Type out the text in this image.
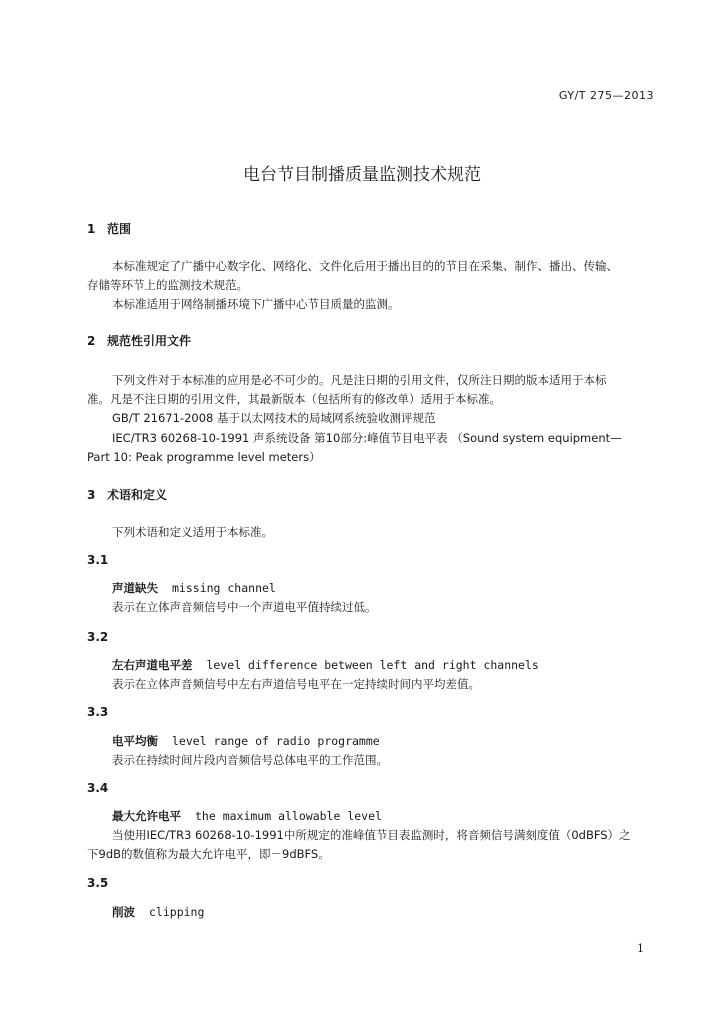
GY/T 275—2013
电台节目制播质量监测技术规范
1 范围
本标准规定了广播中心数字化、网络化、文件化后用于播出目的的节目在采集、制作、播出、传输、
存储等环节上的监测技术规范。
本标准适用于网络制播环境下广播中心节目质量的监测。
2 规范性引用文件
下列文件对于本标准的应用是必不可少的。凡是注日期的引用文件，仅所注日期的版本适用于本标
准。凡是不注日期的引用文件，其最新版本（包括所有的修改单）适用于本标准。
GB/T 21671-2008 基于以太网技术的局域网系统验收测评规范
IEC/TR3 60268-10-1991 声系统设备 第10部分:峰值节目电平表 （Sound system equipment—
Part 10: Peak programme level meters）
3 术语和定义
下列术语和定义适用于本标准。
3.1
声道缺失 missing channel
表示在立体声音频信号中一个声道电平值持续过低。
3.2
左右声道电平差 level difference between left and right channels
表示在立体声音频信号中左右声道信号电平在一定持续时间内平均差值。
3.3
电平均衡 level range of radio programme
表示在持续时间片段内音频信号总体电平的工作范围。
3.4
最大允许电平 the maximum allowable level
当使用IEC/TR3 60268-10-1991中所规定的准峰值节目表监测时，将音频信号满刻度值（0dBFS）之
下9dB的数值称为最大允许电平，即－9dBFS。
3.5
削波 clipping
1
